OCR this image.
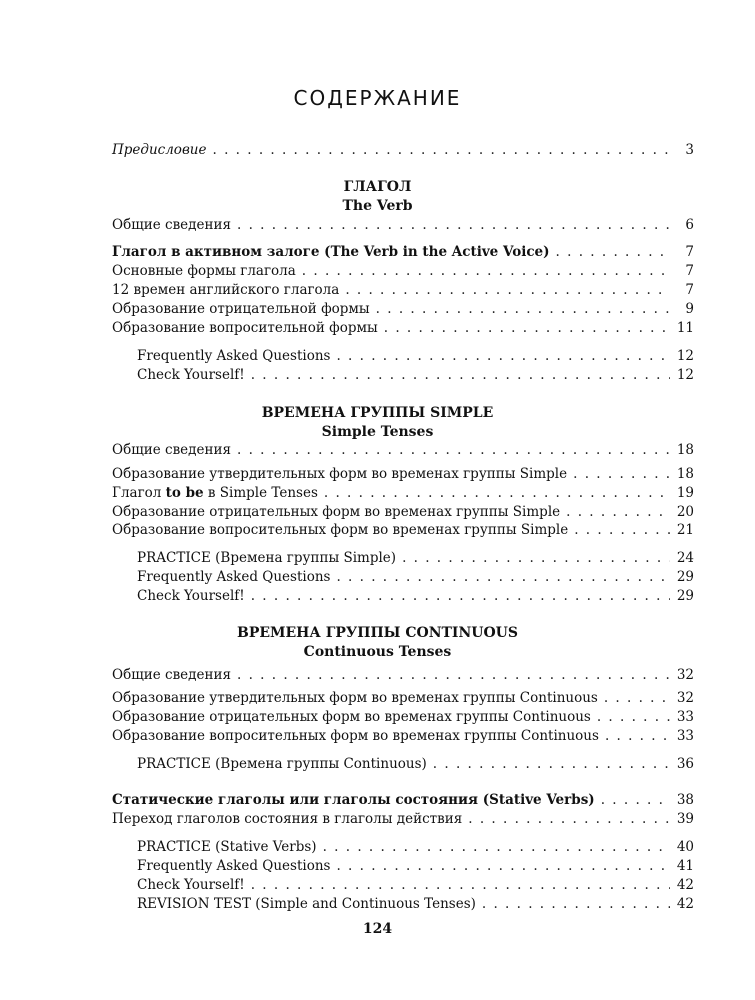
СОДЕРЖАНИЕ
Предисловие . . .	3
ГЛАГОЛ
The Verb
Общие сведения . . .	6
Глагол в активном залоге (The Verb in the Active Voice) . . .	7
Основные формы глагола . . .	7
12 времен английского глагола . . .	7
Образование отрицательной формы . . .	9
Образование вопросительной формы . . .	11
Frequently Asked Questions . . .	12
Check Yourself! . . .	12
ВРЕМЕНА ГРУППЫ SIMPLE
Simple Tenses
Общие сведения . . .	18
Образование утвердительных форм во временах группы Simple . . .	18
Глагол to be в Simple Tenses . . .	19
Образование отрицательных форм во временах группы Simple . . .	20
Образование вопросительных форм во временах группы Simple . . .	21
PRACTICE (Времена группы Simple) . . .	24
Frequently Asked Questions . . .	29
Check Yourself! . . .	29
ВРЕМЕНА ГРУППЫ CONTINUOUS
Continuous Tenses
Общие сведения . . .	32
Образование утвердительных форм во временах группы Continuous . . .	32
Образование отрицательных форм во временах группы Continuous . . .	33
Образование вопросительных форм во временах группы Continuous . . .	33
PRACTICE (Времена группы Continuous) . . .	36
Статические глаголы или глаголы состояния (Stative Verbs) . . .	38
Переход глаголов состояния в глаголы действия . . .	39
PRACTICE (Stative Verbs) . . .	40
Frequently Asked Questions . . .	41
Check Yourself! . . .	42
REVISION TEST (Simple and Continuous Tenses) . . .	42
124
